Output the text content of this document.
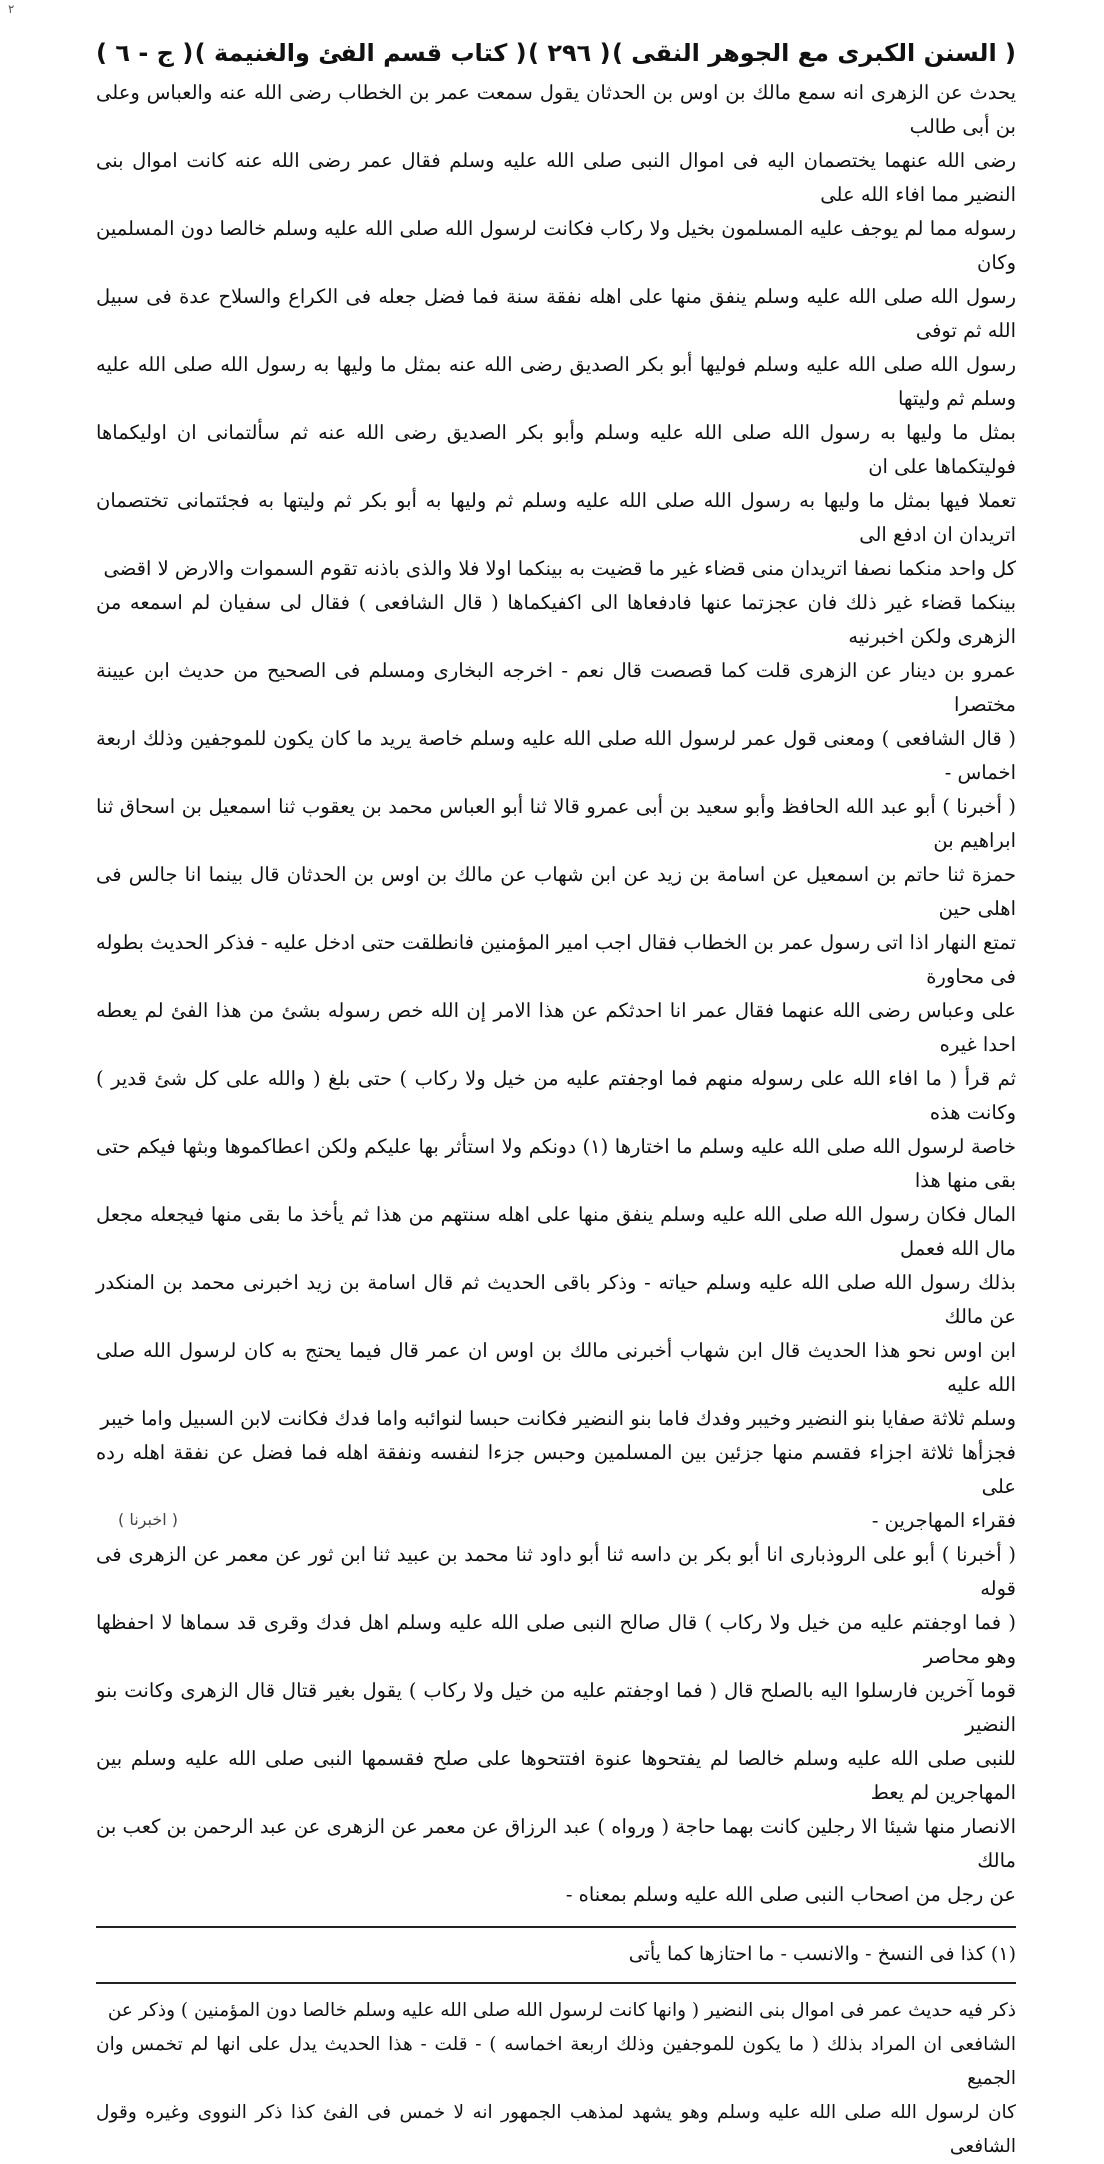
٢
( السنن الكبرى مع الجوهر النقى )
( ٢٩٦ )
( كتاب قسم الفئ والغنيمة )
( ج - ٦ )

يحدث عن الزهرى انه سمع مالك بن اوس بن الحدثان يقول سمعت عمر بن الخطاب رضى الله عنه والعباس وعلى بن أبى طالب

رضى الله عنهما يختصمان اليه فى اموال النبى صلى الله عليه وسلم فقال عمر رضى الله عنه كانت اموال بنى النضير مما افاء الله على

رسوله مما لم يوجف عليه المسلمون بخيل ولا ركاب فكانت لرسول الله صلى الله عليه وسلم خالصا دون المسلمين وكان

رسول الله صلى الله عليه وسلم ينفق منها على اهله نفقة سنة فما فضل جعله فى الكراع والسلاح عدة فى سبيل الله ثم توفى

رسول الله صلى الله عليه وسلم فوليها أبو بكر الصديق رضى الله عنه بمثل ما وليها به رسول الله صلى الله عليه وسلم ثم وليتها

بمثل ما وليها به رسول الله صلى الله عليه وسلم وأبو بكر الصديق رضى الله عنه ثم سألتمانى ان اوليكماها فوليتكماها على ان

تعملا فيها بمثل ما وليها به رسول الله صلى الله عليه وسلم ثم وليها به أبو بكر ثم وليتها به فجئتمانى تختصمان اتريدان ان ادفع الى

كل واحد منكما نصفا اتريدان منى قضاء غير ما قضيت به بينكما اولا فلا والذى باذنه تقوم السموات والارض لا اقضى

بينكما قضاء غير ذلك فان عجزتما عنها فادفعاها الى اكفيكماها ( قال الشافعى ) فقال لى سفيان لم اسمعه من الزهرى ولكن اخبرنيه

عمرو بن دينار عن الزهرى قلت كما قصصت قال نعم - اخرجه البخارى ومسلم فى الصحيح من حديث ابن عيينة مختصرا

( قال الشافعى ) ومعنى قول عمر لرسول الله صلى الله عليه وسلم خاصة يريد ما كان يكون للموجفين وذلك اربعة اخماس -

( أخبرنا ) أبو عبد الله الحافظ وأبو سعيد بن أبى عمرو قالا ثنا أبو العباس محمد بن يعقوب ثنا اسمعيل بن اسحاق ثنا ابراهيم بن

حمزة ثنا حاتم بن اسمعيل عن اسامة بن زيد عن ابن شهاب عن مالك بن اوس بن الحدثان قال بينما انا جالس فى اهلى حين

تمتع النهار اذا اتى رسول عمر بن الخطاب فقال اجب امير المؤمنين فانطلقت حتى ادخل عليه - فذكر الحديث بطوله فى محاورة

على وعباس رضى الله عنهما فقال عمر انا احدثكم عن هذا الامر إن الله خص رسوله بشئ من هذا الفئ لم يعطه احدا غيره

ثم قرأ ( ما افاء الله على رسوله منهم فما اوجفتم عليه من خيل ولا ركاب ) حتى بلغ ( والله على كل شئ قدير ) وكانت هذه

خاصة لرسول الله صلى الله عليه وسلم ما اختارها (١) دونكم ولا استأثر بها عليكم ولكن اعطاكموها وبثها فيكم حتى بقى منها هذا

المال فكان رسول الله صلى الله عليه وسلم ينفق منها على اهله سنتهم من هذا ثم يأخذ ما بقى منها فيجعله مجعل مال الله فعمل

بذلك رسول الله صلى الله عليه وسلم حياته - وذكر باقى الحديث ثم قال اسامة بن زيد اخبرنى محمد بن المنكدر عن مالك

ابن اوس نحو هذا الحديث قال ابن شهاب أخبرنى مالك بن اوس ان عمر قال فيما يحتج به كان لرسول الله صلى الله عليه

وسلم ثلاثة صفايا بنو النضير وخيبر وفدك فاما بنو النضير فكانت حبسا لنوائبه واما فدك فكانت لابن السبيل واما خيبر

فجزأها ثلاثة اجزاء فقسم منها جزئين بين المسلمين وحبس جزءا لنفسه ونفقة اهله فما فضل عن نفقة اهله رده على

فقراء المهاجرين -

( أخبرنا ) أبو على الروذبارى انا أبو بكر بن داسه ثنا أبو داود ثنا محمد بن عبيد ثنا ابن ثور عن معمر عن الزهرى فى قوله

( فما اوجفتم عليه من خيل ولا ركاب ) قال صالح النبى صلى الله عليه وسلم اهل فدك وقرى قد سماها لا احفظها وهو محاصر

قوما آخرين فارسلوا اليه بالصلح قال ( فما اوجفتم عليه من خيل ولا ركاب ) يقول بغير قتال قال الزهرى وكانت بنو النضير

للنبى صلى الله عليه وسلم خالصا لم يفتحوها عنوة افتتحوها على صلح فقسمها النبى صلى الله عليه وسلم بين المهاجرين لم يعط

الانصار منها شيئا الا رجلين كانت بهما حاجة ( ورواه ) عبد الرزاق عن معمر عن الزهرى عن عبد الرحمن بن كعب بن مالك

عن رجل من اصحاب النبى صلى الله عليه وسلم بمعناه -

(١) كذا فى النسخ - والانسب - ما احتازها كما يأتى

ذكر فيه حديث عمر فى اموال بنى النضير ( وانها كانت لرسول الله صلى الله عليه وسلم خالصا دون المؤمنين ) وذكر عن

الشافعى ان المراد بذلك ( ما يكون للموجفين وذلك اربعة اخماسه ) - قلت - هذا الحديث يدل على انها لم تخمس وان الجميع

كان لرسول الله صلى الله عليه وسلم وهو يشهد لمذهب الجمهور انه لا خمس فى الفئ كذا ذكر النووى وغيره وقول الشافعى

( اخبرنا )
